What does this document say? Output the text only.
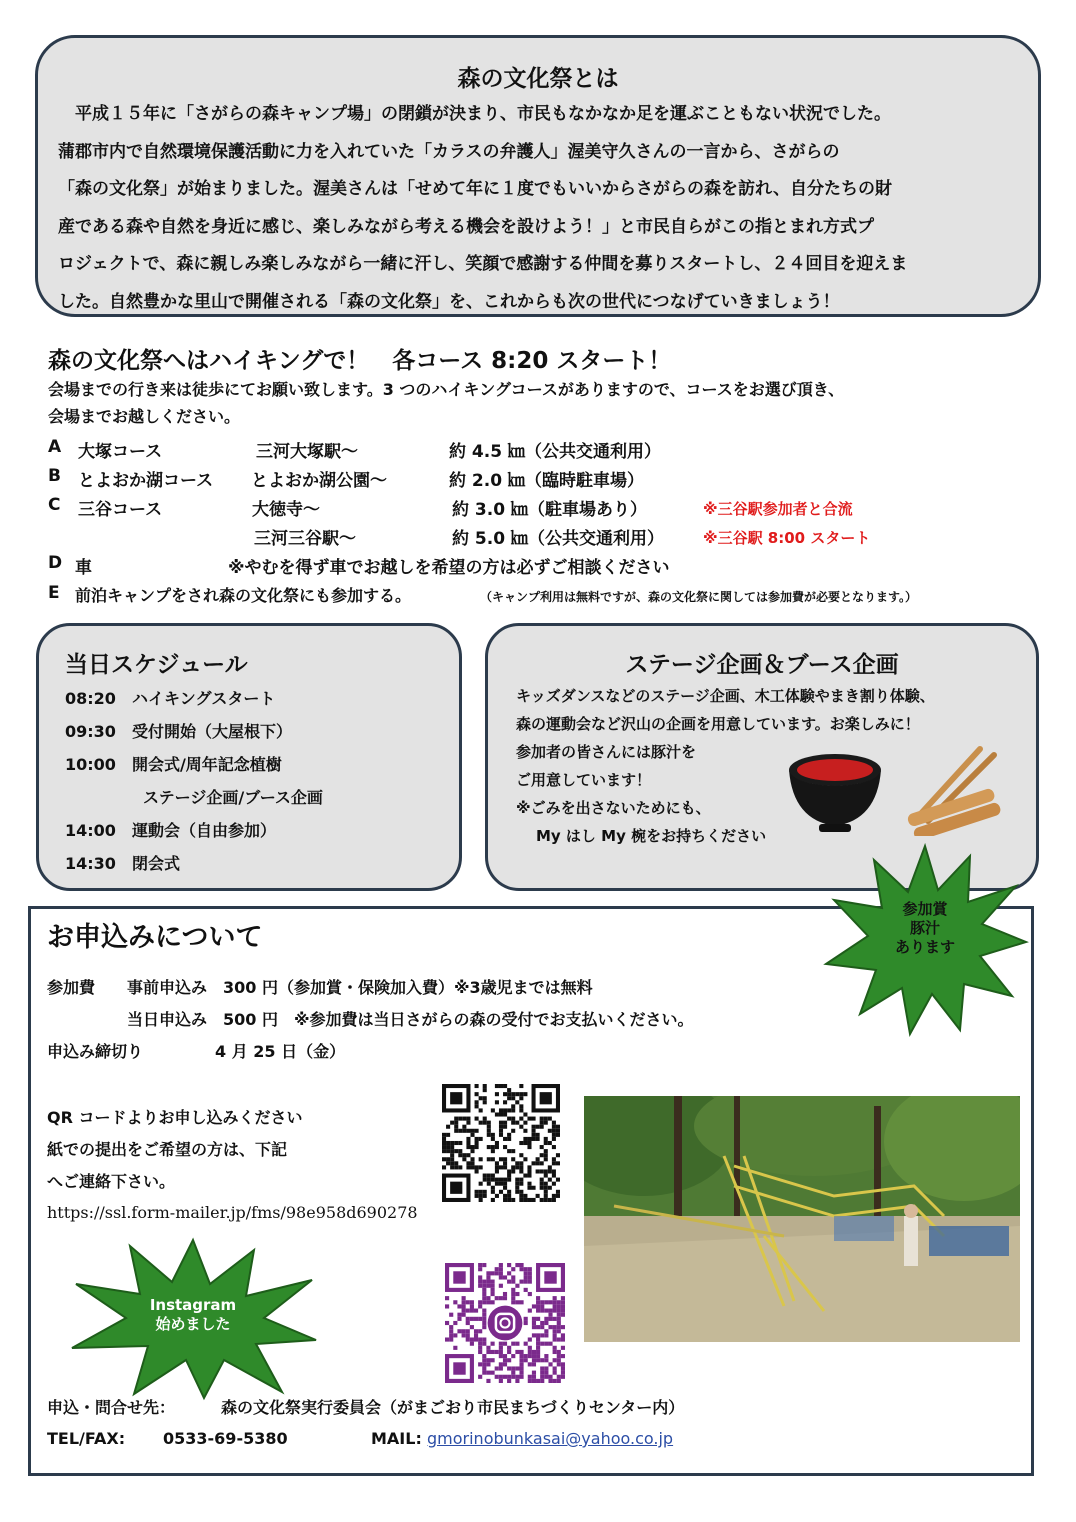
森の文化祭とは
　平成１５年に「さがらの森キャンプ場」の閉鎖が決まり、市民もなかなか足を運ぶこともない状況でした。
蒲郡市内で自然環境保護活動に力を入れていた「カラスの弁護人」渥美守久さんの一言から、さがらの
「森の文化祭」が始まりました。渥美さんは「せめて年に１度でもいいからさがらの森を訪れ、自分たちの財
産である森や自然を身近に感じ、楽しみながら考える機会を設けよう！」と市民自らがこの指とまれ方式プ
ロジェクトで、森に親しみ楽しみながら一緒に汗し、笑顔で感謝する仲間を募りスタートし、２４回目を迎えま
した。自然豊かな里山で開催される「森の文化祭」を、これからも次の世代につなげていきましょう！
森の文化祭へはハイキングで！　各コース 8:20 スタート！
会場までの行き来は徒歩にてお願い致します。3 つのハイキングコースがありますので、コースをお選び頂き、
会場までお越しください。
A 大塚コース	三河大塚駅～	約 4.5 ㎞（公共交通利用）
B とよおか湖コース とよおか湖公園～	約 2.0 ㎞（臨時駐車場）
C 三谷コース	大徳寺～	約 3.0 ㎞（駐車場あり）	※三谷駅参加者と合流
三河三谷駅～	約 5.0 ㎞（公共交通利用）	※三谷駅 8:00 スタート
D 車	※やむを得ず車でお越しを希望の方は必ずご相談ください
E 前泊キャンプをされ森の文化祭にも参加する。	（キャンプ利用は無料ですが、森の文化祭に関しては参加費が必要となります。）
当日スケジュール
08:20　 ハイキングスタート
09:30　 受付開始（大屋根下）
10:00　 開会式/周年記念植樹
ステージ企画/ブース企画
14:00　 運動会（自由参加）
14:30　 閉会式
ステージ企画＆ブース企画
キッズダンスなどのステージ企画、木工体験やまき割り体験、
森の運動会など沢山の企画を用意しています。お楽しみに！
参加者の皆さんには豚汁を
ご用意しています！
※ごみを出さないためにも、
My はし My 椀をお持ちください
お申込みについて
参加費 事前申込み　300 円（参加賞・保険加入費）※3歳児までは無料
当日申込み　500 円　※参加費は当日さがらの森の受付でお支払いください。
申込み締切り	4 月 25 日（金）
QR コードよりお申し込みください
紙での提出をご希望の方は、下記
へご連絡下さい。
https://ssl.form-mailer.jp/fms/98e958d690278
申込・問合せ先：	森の文化祭実行委員会（がまごおり市民まちづくりセンター内）
TEL/FAX: 0533-69-5380	MAIL: gmorinobunkasai@yahoo.co.jp
参加賞
豚汁
あります
Instagram
始めました
